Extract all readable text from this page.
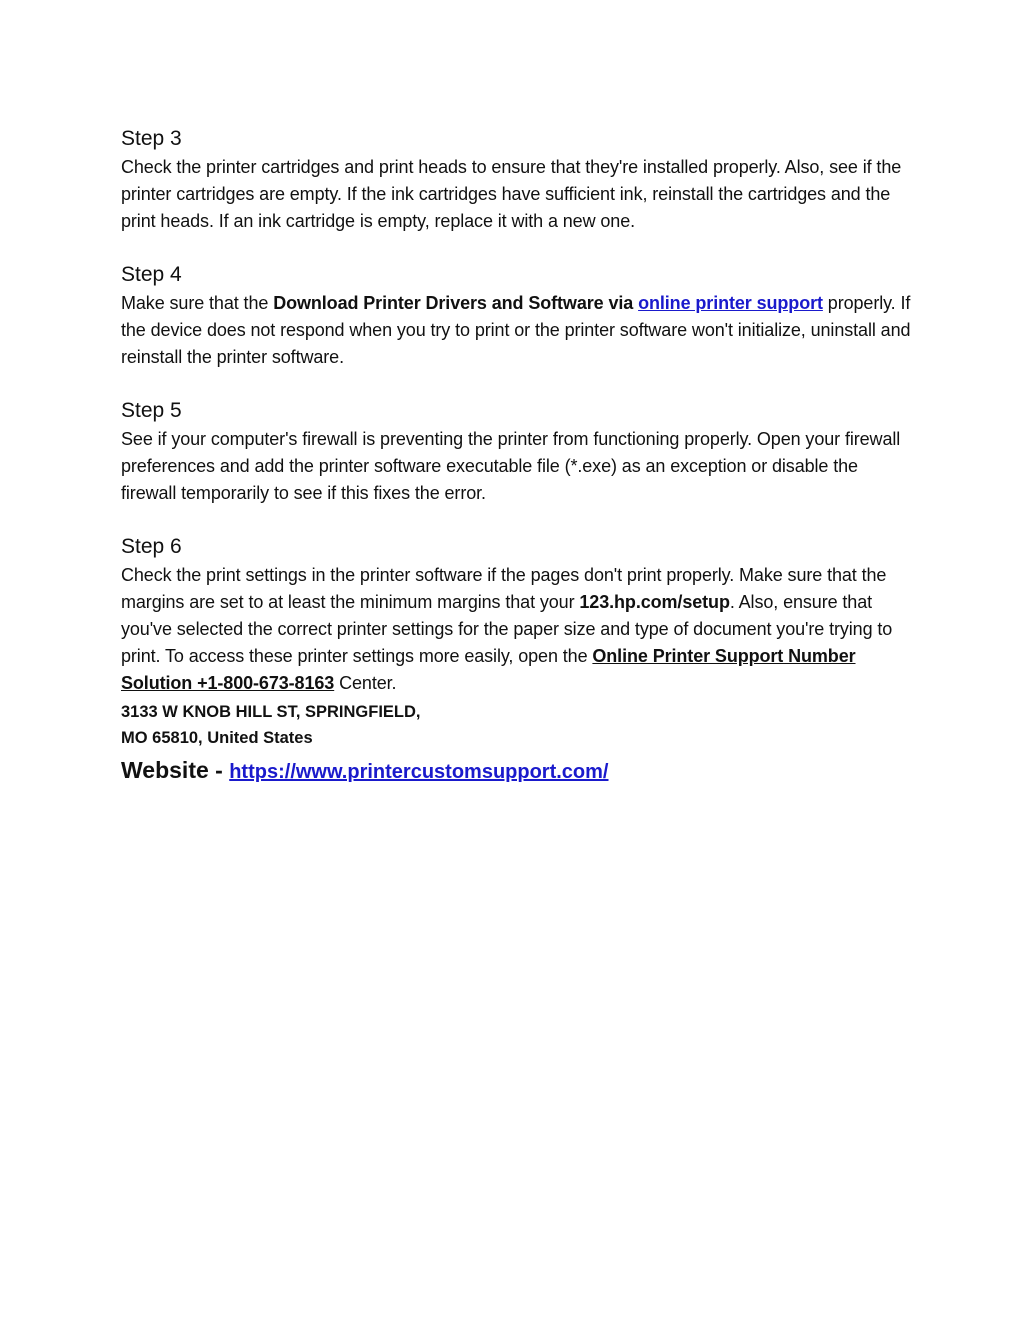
Step 3

Check the printer cartridges and print heads to ensure that they're installed properly. Also, see if the printer cartridges are empty. If the ink cartridges have sufficient ink, reinstall the cartridges and the print heads. If an ink cartridge is empty, replace it with a new one.

Step 4

Make sure that the Download Printer Drivers and Software via online printer support properly. If the device does not respond when you try to print or the printer software won't initialize, uninstall and reinstall the printer software.

Step 5

See if your computer's firewall is preventing the printer from functioning properly. Open your firewall preferences and add the printer software executable file (*.exe) as an exception or disable the firewall temporarily to see if this fixes the error.

Step 6

Check the print settings in the printer software if the pages don't print properly. Make sure that the margins are set to at least the minimum margins that your 123.hp.com/setup. Also, ensure that you've selected the correct printer settings for the paper size and type of document you're trying to print. To access these printer settings more easily, open the Online Printer Support Number Solution +1-800-673-8163 Center.

3133 W KNOB HILL ST, SPRINGFIELD,

MO 65810, United States

Website - https://www.printercustomsupport.com/
